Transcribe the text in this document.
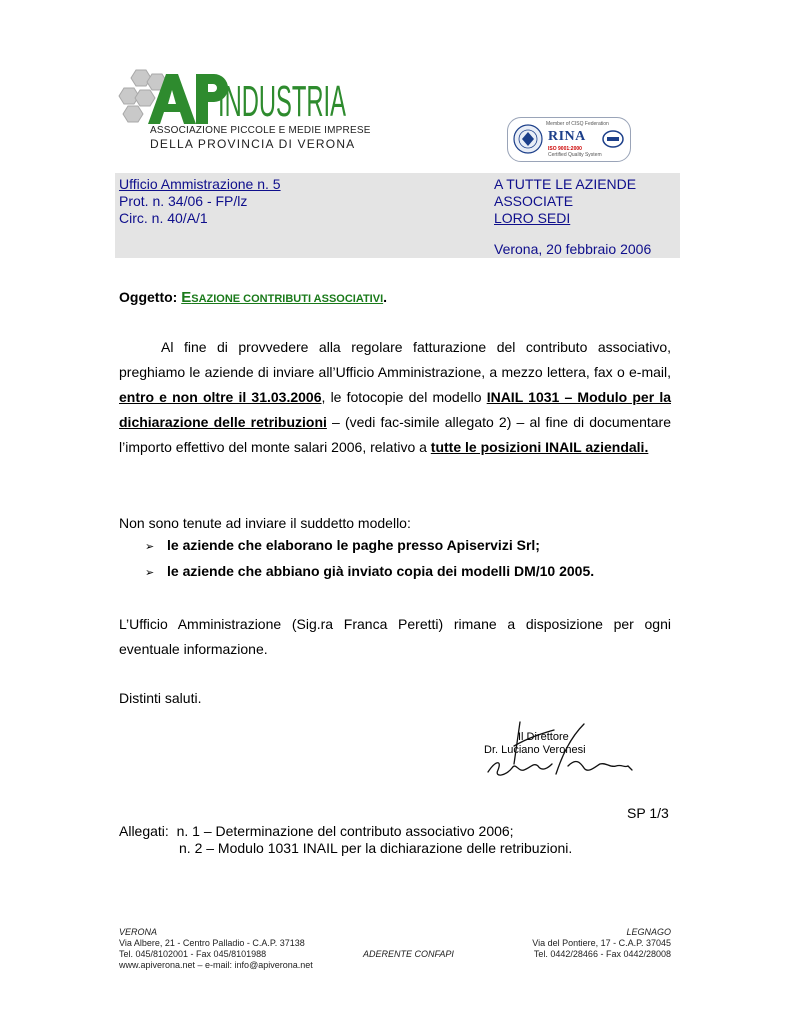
INDUSTRIA
ASSOCIAZIONE PICCOLE E MEDIE IMPRESE
DELLA PROVINCIA DI VERONA
Member of CISQ Federation
RINA
ISO 9001:2000
Certified Quality System
Ufficio Ammistrazione n. 5
Prot. n. 34/06 - FP/lz
Circ. n. 40/A/1
A TUTTE LE AZIENDE
ASSOCIATE
LORO SEDI
Verona, 20 febbraio 2006
Oggetto: ESAZIONE CONTRIBUTI ASSOCIATIVI.
Al fine di provvedere alla regolare fatturazione del contributo associativo, preghiamo le aziende di inviare all’Ufficio Amministrazione, a mezzo lettera, fax o e-mail, entro e non oltre il 31.03.2006, le fotocopie del modello INAIL 1031 – Modulo per la dichiarazione delle retribuzioni – (vedi fac-simile allegato 2) – al fine di documentare l’importo effettivo del monte salari 2006, relativo a tutte le posizioni INAIL aziendali.
Non sono tenute ad inviare il suddetto modello:
➢ le aziende che elaborano le paghe presso Apiservizi Srl;
➢ le aziende che abbiano già inviato copia dei modelli DM/10 2005.
L’Ufficio Amministrazione (Sig.ra Franca Peretti) rimane a disposizione per ogni eventuale informazione.
Distinti saluti.
Il Direttore
Dr. Luciano Veronesi
SP 1/3
Allegati: n. 1 – Determinazione del contributo associativo 2006;
n. 2 – Modulo 1031 INAIL per la dichiarazione delle retribuzioni.
VERONA
Via Albere, 21 - Centro Palladio - C.A.P. 37138
Tel. 045/8102001 - Fax 045/8101988
www.apiverona.net – e-mail: info@apiverona.net
ADERENTE CONFAPI
LEGNAGO
Via del Pontiere, 17 - C.A.P. 37045
Tel. 0442/28466 - Fax 0442/28008
